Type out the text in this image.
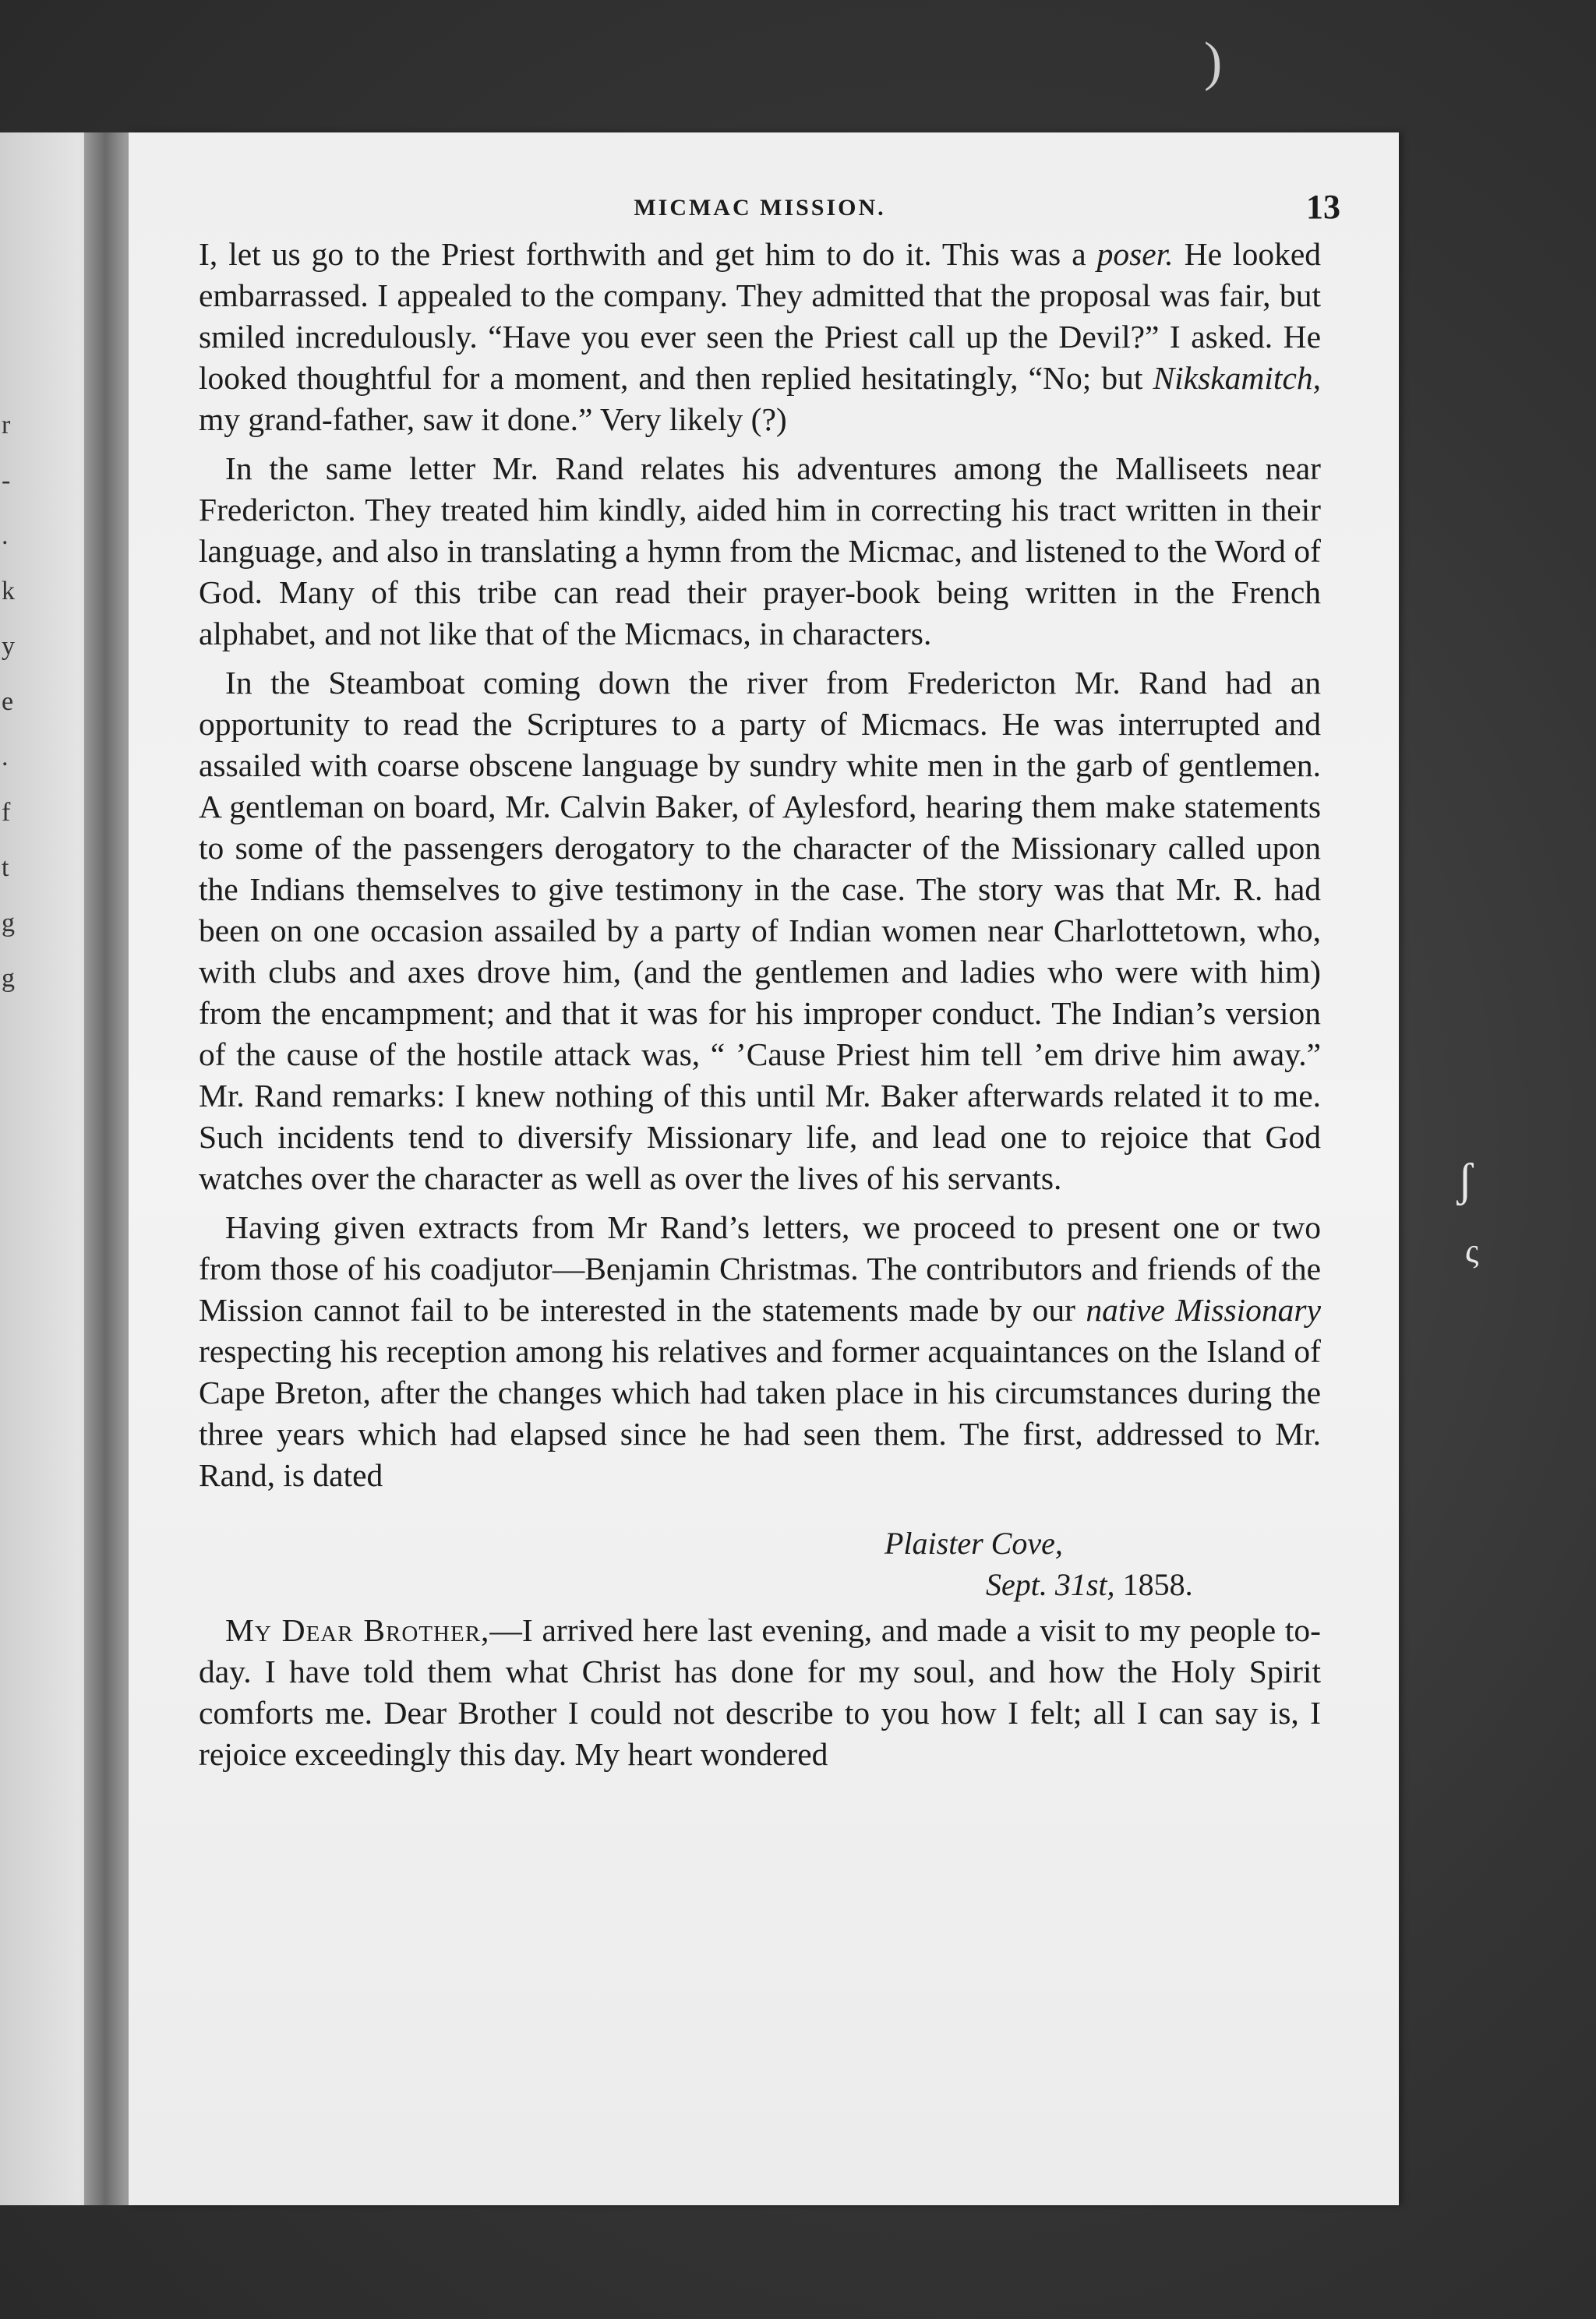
r
-
.
k
y
e
.
f
t
g
g
MICMAC MISSION.	13

I, let us go to the Priest forthwith and get him to do it. This was a poser. He looked embarrassed. I appealed to the company. They admitted that the proposal was fair, but smiled incredulously. “Have you ever seen the Priest call up the Devil?” I asked. He looked thoughtful for a moment, and then replied hesitatingly, “No; but Nikskamitch, my grand-father, saw it done.” Very likely (?)

In the same letter Mr. Rand relates his adventures among the Malliseets near Fredericton. They treated him kindly, aided him in correcting his tract written in their language, and also in translating a hymn from the Micmac, and listened to the Word of God. Many of this tribe can read their prayer-book being written in the French alphabet, and not like that of the Micmacs, in characters.

In the Steamboat coming down the river from Fredericton Mr. Rand had an opportunity to read the Scriptures to a party of Micmacs. He was interrupted and assailed with coarse obscene language by sundry white men in the garb of gentlemen. A gentleman on board, Mr. Calvin Baker, of Aylesford, hearing them make statements to some of the passengers derogatory to the character of the Missionary called upon the Indians themselves to give testimony in the case. The story was that Mr. R. had been on one occasion assailed by a party of Indian women near Charlottetown, who, with clubs and axes drove him, (and the gentlemen and ladies who were with him) from the encampment; and that it was for his improper conduct. The Indian’s version of the cause of the hostile attack was, “ ’Cause Priest him tell ’em drive him away.” Mr. Rand remarks: I knew nothing of this until Mr. Baker afterwards related it to me. Such incidents tend to diversify Missionary life, and lead one to rejoice that God watches over the character as well as over the lives of his servants.

Having given extracts from Mr Rand’s letters, we proceed to present one or two from those of his coadjutor—Benjamin Christmas. The contributors and friends of the Mission cannot fail to be interested in the statements made by our native Missionary respecting his reception among his relatives and former acquaintances on the Island of Cape Breton, after the changes which had taken place in his circumstances during the three years which had elapsed since he had seen them. The first, addressed to Mr. Rand, is dated

Plaister Cove,
Sept. 31st, 1858.

My Dear Brother,—I arrived here last evening, and made a visit to my people to-day. I have told them what Christ has done for my soul, and how the Holy Spirit comforts me. Dear Brother I could not describe to you how I felt; all I can say is, I rejoice exceedingly this day. My heart wondered

ʃ
ς
)
